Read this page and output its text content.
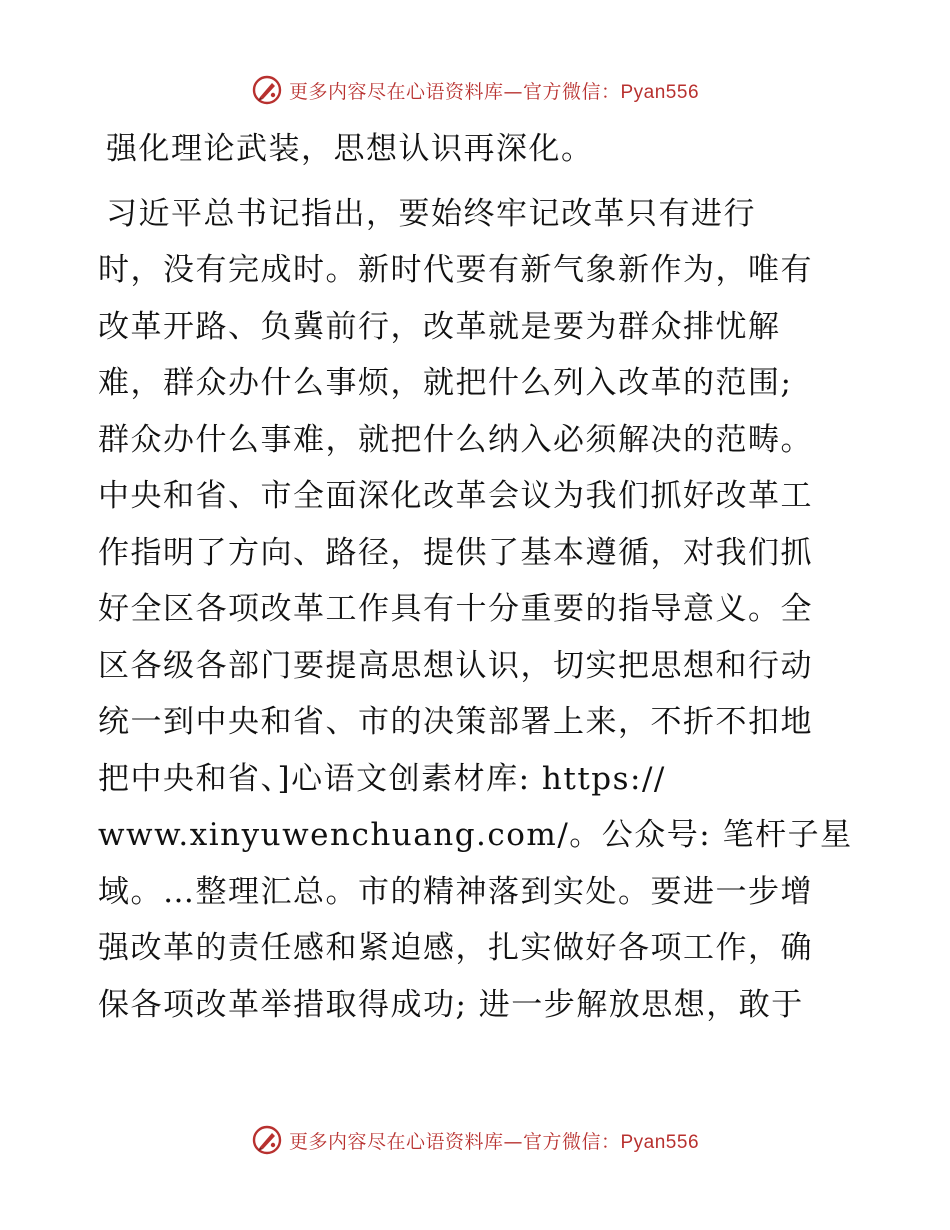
更多内容尽在心语资料库—官方微信：Pyan556
强化理论武装，思想认识再深化。
习近平总书记指出，要始终牢记改革只有进行
时，没有完成时。新时代要有新气象新作为，唯有
改革开路、负冀前行，改革就是要为群众排忧解
难，群众办什么事烦，就把什么列入改革的范围;
群众办什么事难，就把什么纳入必须解决的范畴。
中央和省、市全面深化改革会议为我们抓好改革工
作指明了方向、路径，提供了基本遵循，对我们抓
好全区各项改革工作具有十分重要的指导意义。全
区各级各部门要提高思想认识，切实把思想和行动
统一到中央和省、市的决策部署上来，不折不扣地
把中央和省、]心语文创素材库: https://
www.xinyuwenchuang.com/。公众号: 笔杆子星
域。…整理汇总。市的精神落到实处。要进一步增
强改革的责任感和紧迫感，扎实做好各项工作，确
保各项改革举措取得成功; 进一步解放思想，敢于
更多内容尽在心语资料库—官方微信：Pyan556
